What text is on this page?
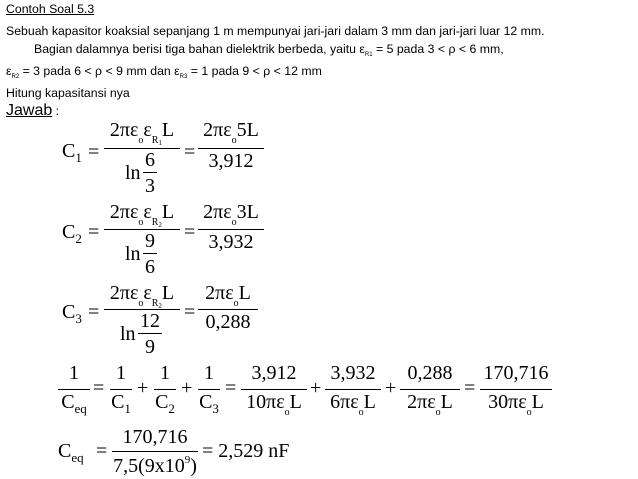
Contoh Soal 5.3
Sebuah kapasitor koaksial sepanjang 1 m mempunyai jari-jari dalam 3 mm dan jari-jari luar 12 mm.
Bagian dalamnya berisi tiga bahan dielektrik berbeda, yaitu $\varepsilon_{R1} = 5$ pada 3 < ρ < 6 mm,
$\varepsilon_{R2} = 3$ pada 6 < ρ < 9 mm dan $\varepsilon_{R3} = 1$ pada 9 < ρ < 12 mm
Hitung kapasitansi nya
Jawab :
$C_1$ =
$2\pi\varepsilon_o\varepsilon_{R1}L$
ln
6
3
=
$2\pi\varepsilon_o5L$
3,912
$C_2$ =
$2\pi\varepsilon_o\varepsilon_{R2}L$
ln
9
6
=
$2\pi\varepsilon_o3L$
3,932
$C_3$ =
$2\pi\varepsilon_o\varepsilon_{R2}L$
ln
12
9
=
$2\pi\varepsilon_oL$
0,288
1
$C_{eq}$
=
1
$C_1$
+
1
$C_2$
+
1
$C_3$
=
3,912
$10\pi\varepsilon_oL$
+
3,932
$6\pi\varepsilon_oL$
+
0,288
$2\pi\varepsilon_oL$
=
170,716
$30\pi\varepsilon_oL$
$C_{eq}$ =
170,716
$7,5(9x10^9)$
= 2,529 nF
